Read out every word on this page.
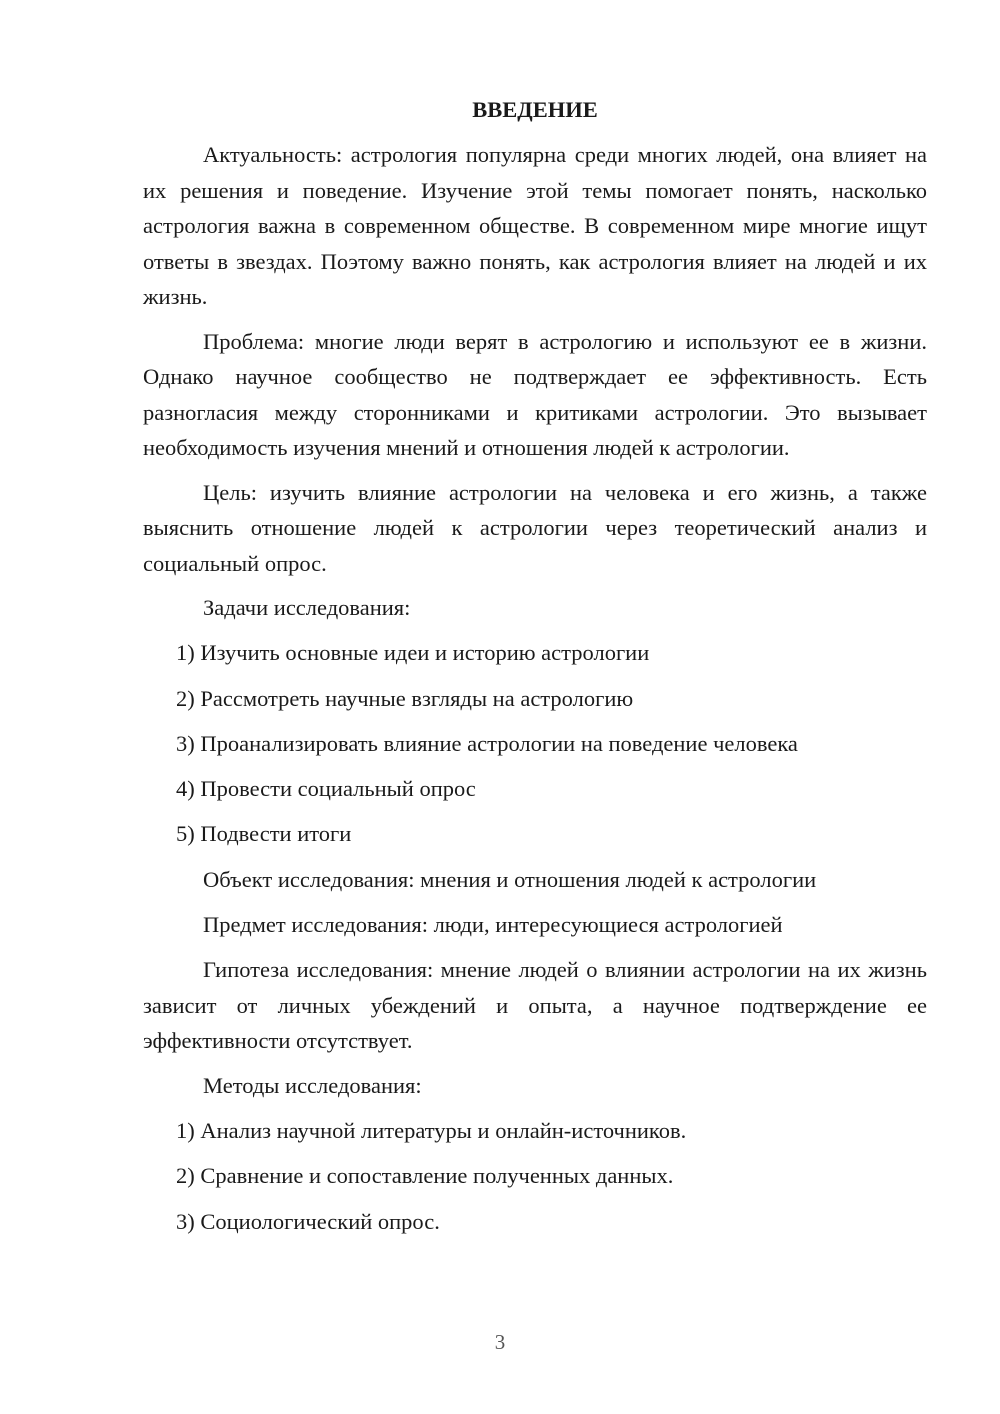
ВВЕДЕНИЕ

Актуальность: астрология популярна среди многих людей, она влияет на их решения и поведение. Изучение этой темы помогает понять, насколько астрология важна в современном обществе. В современном мире многие ищут ответы в звездах. Поэтому важно понять, как астрология влияет на людей и их жизнь.

Проблема: многие люди верят в астрологию и используют ее в жизни. Однако научное сообщество не подтверждает ее эффективность. Есть разногласия между сторонниками и критиками астрологии. Это вызывает необходимость изучения мнений и отношения людей к астрологии.

Цель: изучить влияние астрологии на человека и его жизнь, а также выяснить отношение людей к астрологии через теоретический анализ и социальный опрос.

Задачи исследования:
1) Изучить основные идеи и историю астрологии
2) Рассмотреть научные взгляды на астрологию
3) Проанализировать влияние астрологии на поведение человека
4) Провести социальный опрос
5) Подвести итоги
Объект исследования: мнения и отношения людей к астрологии
Предмет исследования: люди, интересующиеся астрологией

Гипотеза исследования: мнение людей о влиянии астрологии на их жизнь зависит от личных убеждений и опыта, а научное подтверждение ее эффективности отсутствует.

Методы исследования:
1) Анализ научной литературы и онлайн-источников.
2) Сравнение и сопоставление полученных данных.
3) Социологический опрос.
3
